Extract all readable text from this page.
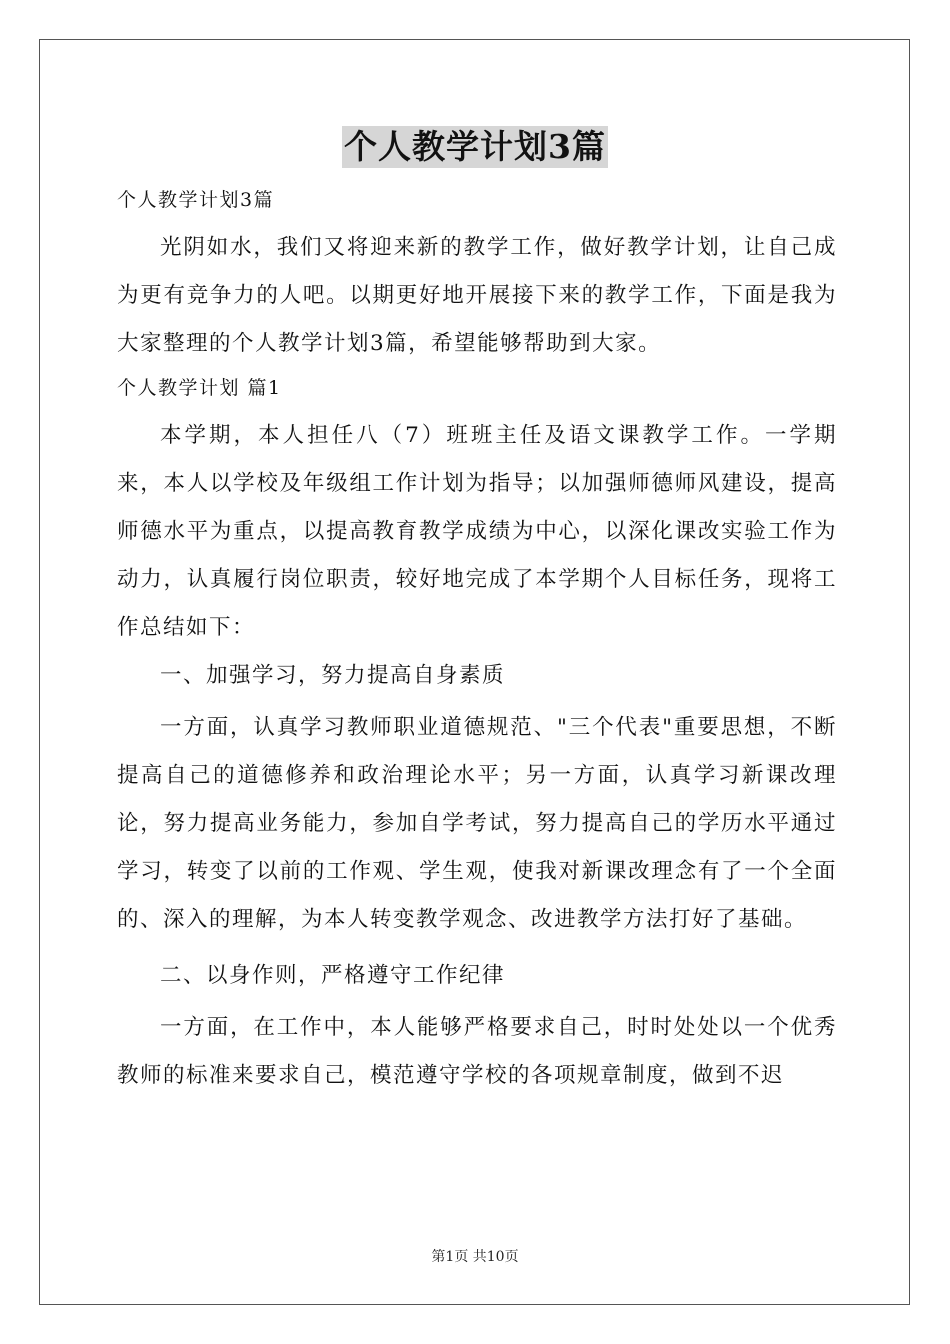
个人教学计划3篇
个人教学计划3篇

光阴如水，我们又将迎来新的教学工作，做好教学计划，让自己成为更有竞争力的人吧。以期更好地开展接下来的教学工作，下面是我为大家整理的个人教学计划3篇，希望能够帮助到大家。

个人教学计划 篇1

本学期，本人担任八（7）班班主任及语文课教学工作。一学期来，本人以学校及年级组工作计划为指导；以加强师德师风建设，提高师德水平为重点，以提高教育教学成绩为中心，以深化课改实验工作为动力，认真履行岗位职责，较好地完成了本学期个人目标任务，现将工作总结如下：

一、加强学习，努力提高自身素质

一方面，认真学习教师职业道德规范、"三个代表"重要思想，不断提高自己的道德修养和政治理论水平；另一方面，认真学习新课改理论，努力提高业务能力，参加自学考试，努力提高自己的学历水平通过学习，转变了以前的工作观、学生观，使我对新课改理念有了一个全面的、深入的理解，为本人转变教学观念、改进教学方法打好了基础。

二、以身作则，严格遵守工作纪律

一方面，在工作中，本人能够严格要求自己，时时处处以一个优秀教师的标准来要求自己，模范遵守学校的各项规章制度，做到不迟

第1页 共10页
